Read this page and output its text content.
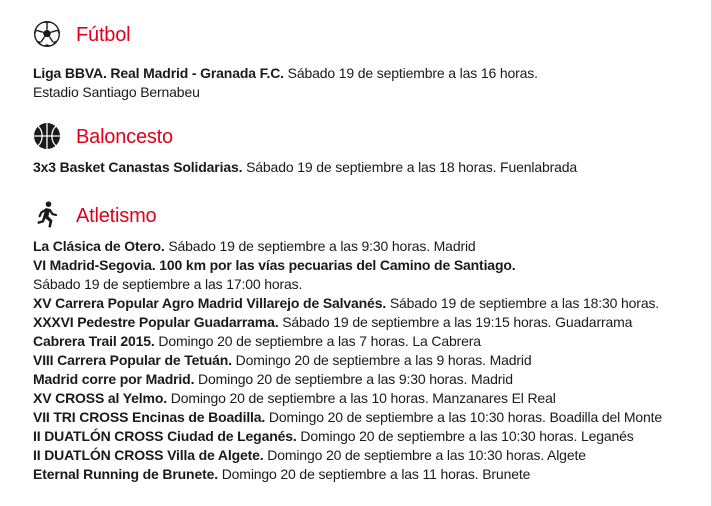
Fútbol
Liga BBVA. Real Madrid - Granada F.C. Sábado 19 de septiembre a las 16 horas.
Estadio Santiago Bernabeu
Baloncesto
3x3 Basket Canastas Solidarias. Sábado 19 de septiembre a las 18 horas. Fuenlabrada
Atletismo
La Clásica de Otero. Sábado 19 de septiembre a las 9:30 horas. Madrid
VI Madrid-Segovia. 100 km por las vías pecuarias del Camino de Santiago.
Sábado 19 de septiembre a las 17:00 horas.
XV Carrera Popular Agro Madrid Villarejo de Salvanés. Sábado 19 de septiembre a las 18:30 horas.
XXXVI Pedestre Popular Guadarrama. Sábado 19 de septiembre a las 19:15 horas. Guadarrama
Cabrera Trail 2015. Domingo 20 de septiembre a las 7 horas. La Cabrera
VIII Carrera Popular de Tetuán. Domingo 20 de septiembre a las 9 horas. Madrid
Madrid corre por Madrid. Domingo 20 de septiembre a las 9:30 horas. Madrid
XV CROSS al Yelmo. Domingo 20 de septiembre a las 10 horas. Manzanares El Real
VII TRI CROSS Encinas de Boadilla. Domingo 20 de septiembre a las 10:30 horas. Boadilla del Monte
II DUATLÓN CROSS Ciudad de Leganés. Domingo 20 de septiembre a las 10:30 horas. Leganés
II DUATLÓN CROSS Villa de Algete. Domingo 20 de septiembre a las 10:30 horas. Algete
Eternal Running de Brunete. Domingo 20 de septiembre a las 11 horas. Brunete
